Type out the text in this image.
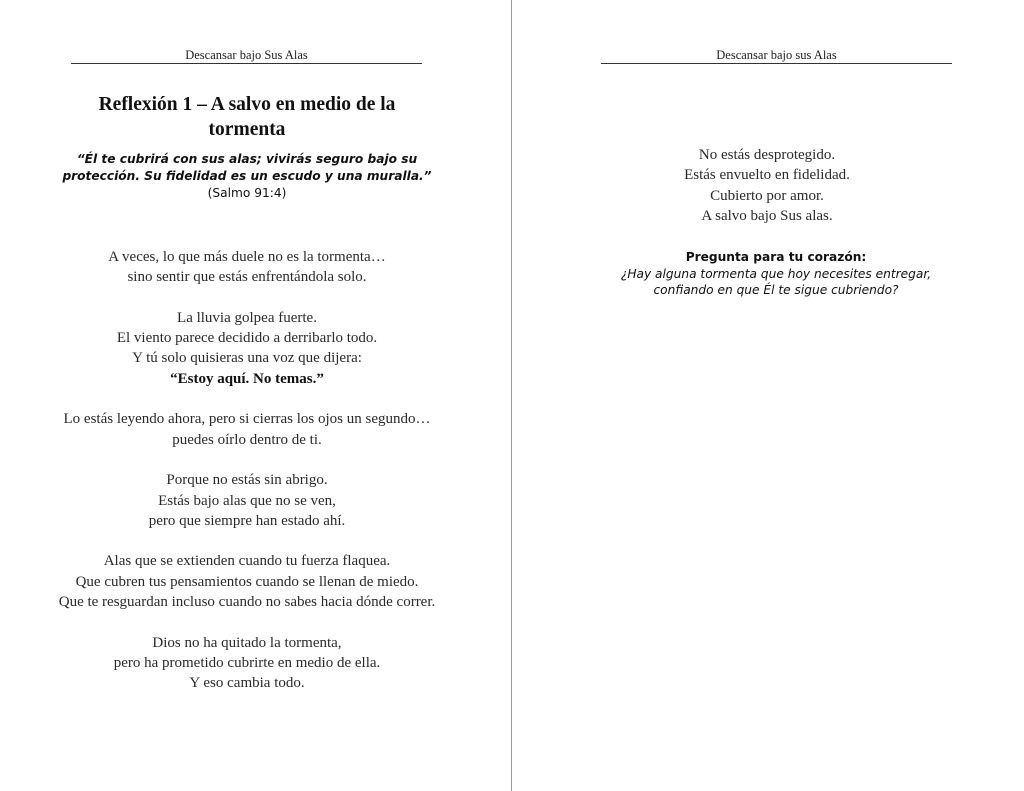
Descansar bajo Sus Alas
Reflexión 1 – A salvo en medio de la tormenta
“Él te cubrirá con sus alas; vivirás seguro bajo su
protección. Su fidelidad es un escudo y una muralla.”
(Salmo 91:4)

A veces, lo que más duele no es la tormenta…
sino sentir que estás enfrentándola solo.

La lluvia golpea fuerte.
El viento parece decidido a derribarlo todo.
Y tú solo quisieras una voz que dijera:
“Estoy aquí. No temas.”

Lo estás leyendo ahora, pero si cierras los ojos un segundo…
puedes oírlo dentro de ti.

Porque no estás sin abrigo.
Estás bajo alas que no se ven,
pero que siempre han estado ahí.

Alas que se extienden cuando tu fuerza flaquea.
Que cubren tus pensamientos cuando se llenan de miedo.
Que te resguardan incluso cuando no sabes hacia dónde correr.

Dios no ha quitado la tormenta,
pero ha prometido cubrirte en medio de ella.
Y eso cambia todo.

Descansar bajo sus Alas
No estás desprotegido.
Estás envuelto en fidelidad.
Cubierto por amor.
A salvo bajo Sus alas.
Pregunta para tu corazón:
¿Hay alguna tormenta que hoy necesites entregar,
confiando en que Él te sigue cubriendo?
